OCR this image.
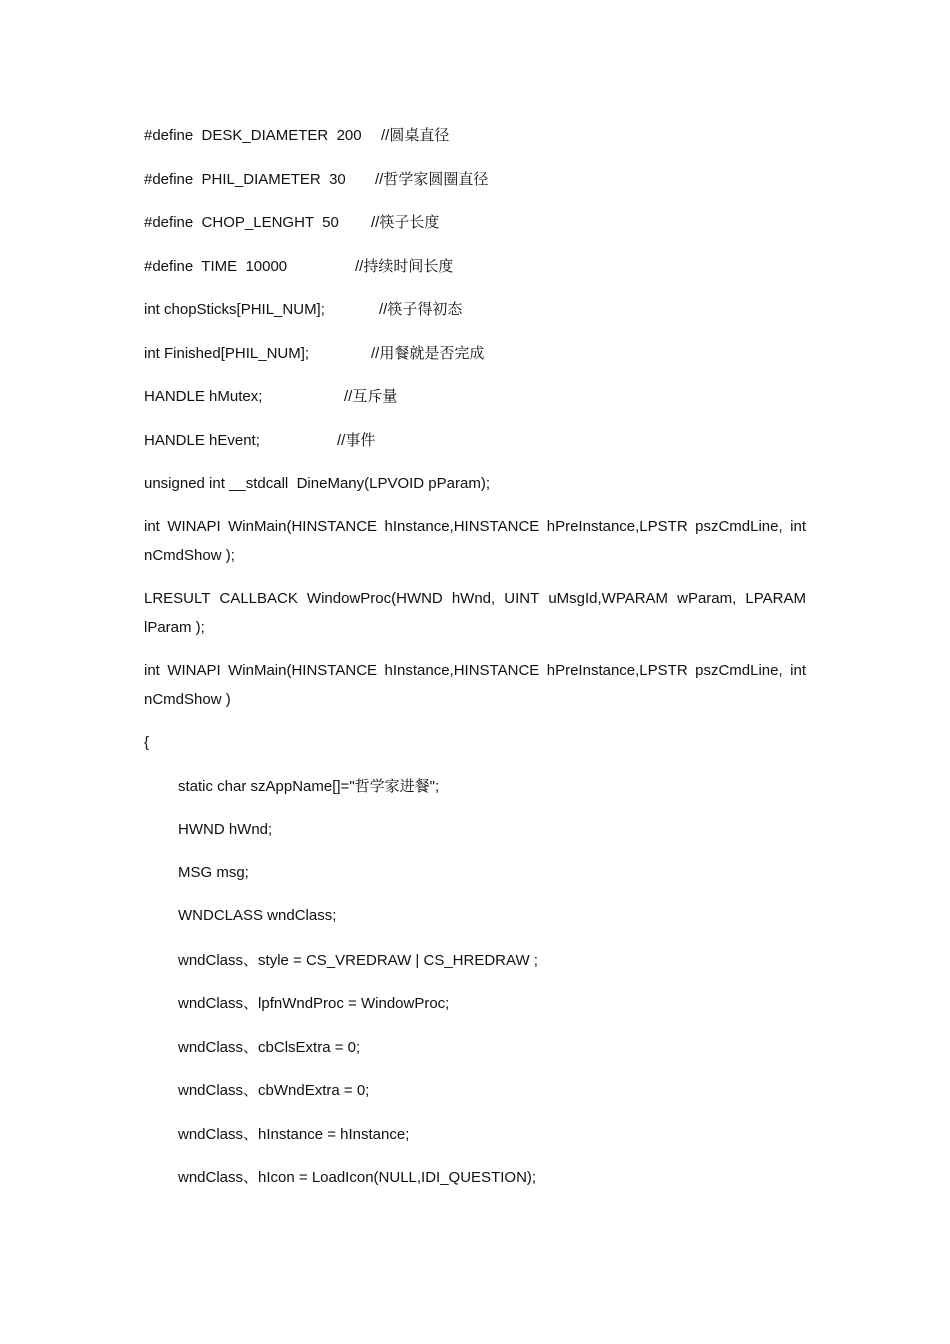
#define  DESK_DIAMETER  200 //圆桌直径
#define  PHIL_DIAMETER  30 //哲学家圆圈直径
#define  CHOP_LENGHT  50 //筷子长度
#define  TIME  10000	//持续时间长度
int chopSticks[PHIL_NUM];	//筷子得初态
int Finished[PHIL_NUM];	//用餐就是否完成
HANDLE hMutex;	//互斥量
HANDLE hEvent;	//事件
unsigned int __stdcall  DineMany(LPVOID pParam);
int WINAPI WinMain(HINSTANCE hInstance,HINSTANCE hPreInstance,LPSTR pszCmdLine, int
nCmdShow );
LRESULT CALLBACK WindowProc(HWND hWnd, UINT uMsgId,WPARAM wParam, LPARAM
lParam );
int WINAPI WinMain(HINSTANCE hInstance,HINSTANCE hPreInstance,LPSTR pszCmdLine, int
nCmdShow )
{
static char szAppName[]="哲学家进餐";
HWND hWnd;
MSG msg;
WNDCLASS wndClass;
wndClass、style = CS_VREDRAW | CS_HREDRAW ;
wndClass、lpfnWndProc = WindowProc;
wndClass、cbClsExtra = 0;
wndClass、cbWndExtra = 0;
wndClass、hInstance = hInstance;
wndClass、hIcon = LoadIcon(NULL,IDI_QUESTION);
